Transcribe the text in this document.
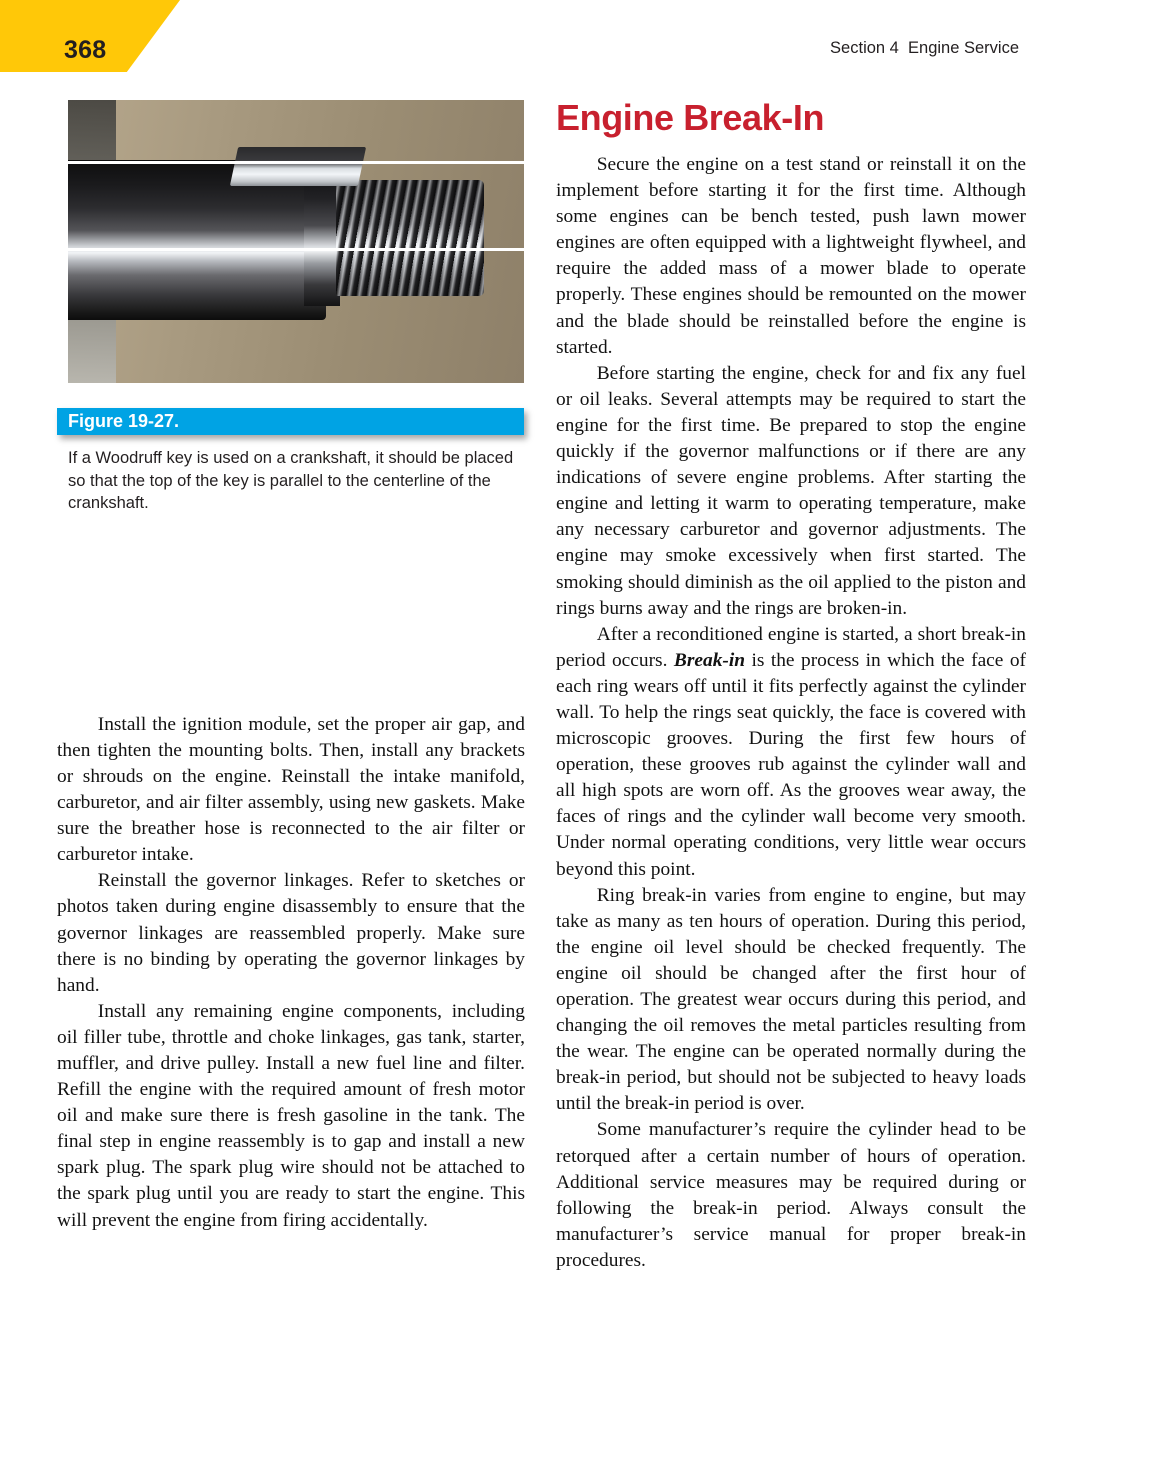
368	Section 4  Engine Service
Figure 19-27.
If a Woodruff key is used on a crankshaft, it should be placed so that the top of the key is parallel to the centerline of the crankshaft.

Install the ignition module, set the proper air gap, and then tighten the mounting bolts. Then, install any brackets or shrouds on the engine. Reinstall the intake manifold, carburetor, and air filter assembly, using new gaskets. Make sure the breather hose is reconnected to the air filter or carburetor intake.

Reinstall the governor linkages. Refer to sketches or photos taken during engine disassembly to ensure that the governor linkages are reassembled properly. Make sure there is no binding by operating the governor linkages by hand.

Install any remaining engine components, including oil filler tube, throttle and choke linkages, gas tank, starter, muffler, and drive pulley. Install a new fuel line and filter. Refill the engine with the required amount of fresh motor oil and make sure there is fresh gasoline in the tank. The final step in engine reassembly is to gap and install a new spark plug. The spark plug wire should not be attached to the spark plug until you are ready to start the engine. This will prevent the engine from firing accidentally.

Engine Break-In

Secure the engine on a test stand or reinstall it on the implement before starting it for the first time. Although some engines can be bench tested, push lawn mower engines are often equipped with a lightweight flywheel, and require the added mass of a mower blade to operate properly. These engines should be remounted on the mower and the blade should be reinstalled before the engine is started.

Before starting the engine, check for and fix any fuel or oil leaks. Several attempts may be required to start the engine for the first time. Be prepared to stop the engine quickly if the governor malfunctions or if there are any indications of severe engine problems. After starting the engine and letting it warm to operating temperature, make any necessary carburetor and governor adjustments. The engine may smoke excessively when first started. The smoking should diminish as the oil applied to the piston and rings burns away and the rings are broken-in.

After a reconditioned engine is started, a short break-in period occurs. Break-in is the process in which the face of each ring wears off until it fits perfectly against the cylinder wall. To help the rings seat quickly, the face is covered with microscopic grooves. During the first few hours of operation, these grooves rub against the cylinder wall and all high spots are worn off. As the grooves wear away, the faces of rings and the cylinder wall become very smooth. Under normal operating conditions, very little wear occurs beyond this point.

Ring break-in varies from engine to engine, but may take as many as ten hours of operation. During this period, the engine oil level should be checked frequently. The engine oil should be changed after the first hour of operation. The greatest wear occurs during this period, and changing the oil removes the metal particles resulting from the wear. The engine can be operated normally during the break-in period, but should not be subjected to heavy loads until the break-in period is over.

Some manufacturer’s require the cylinder head to be retorqued after a certain number of hours of operation. Additional service measures may be required during or following the break-in period. Always consult the manufacturer’s service manual for proper break-in procedures.
